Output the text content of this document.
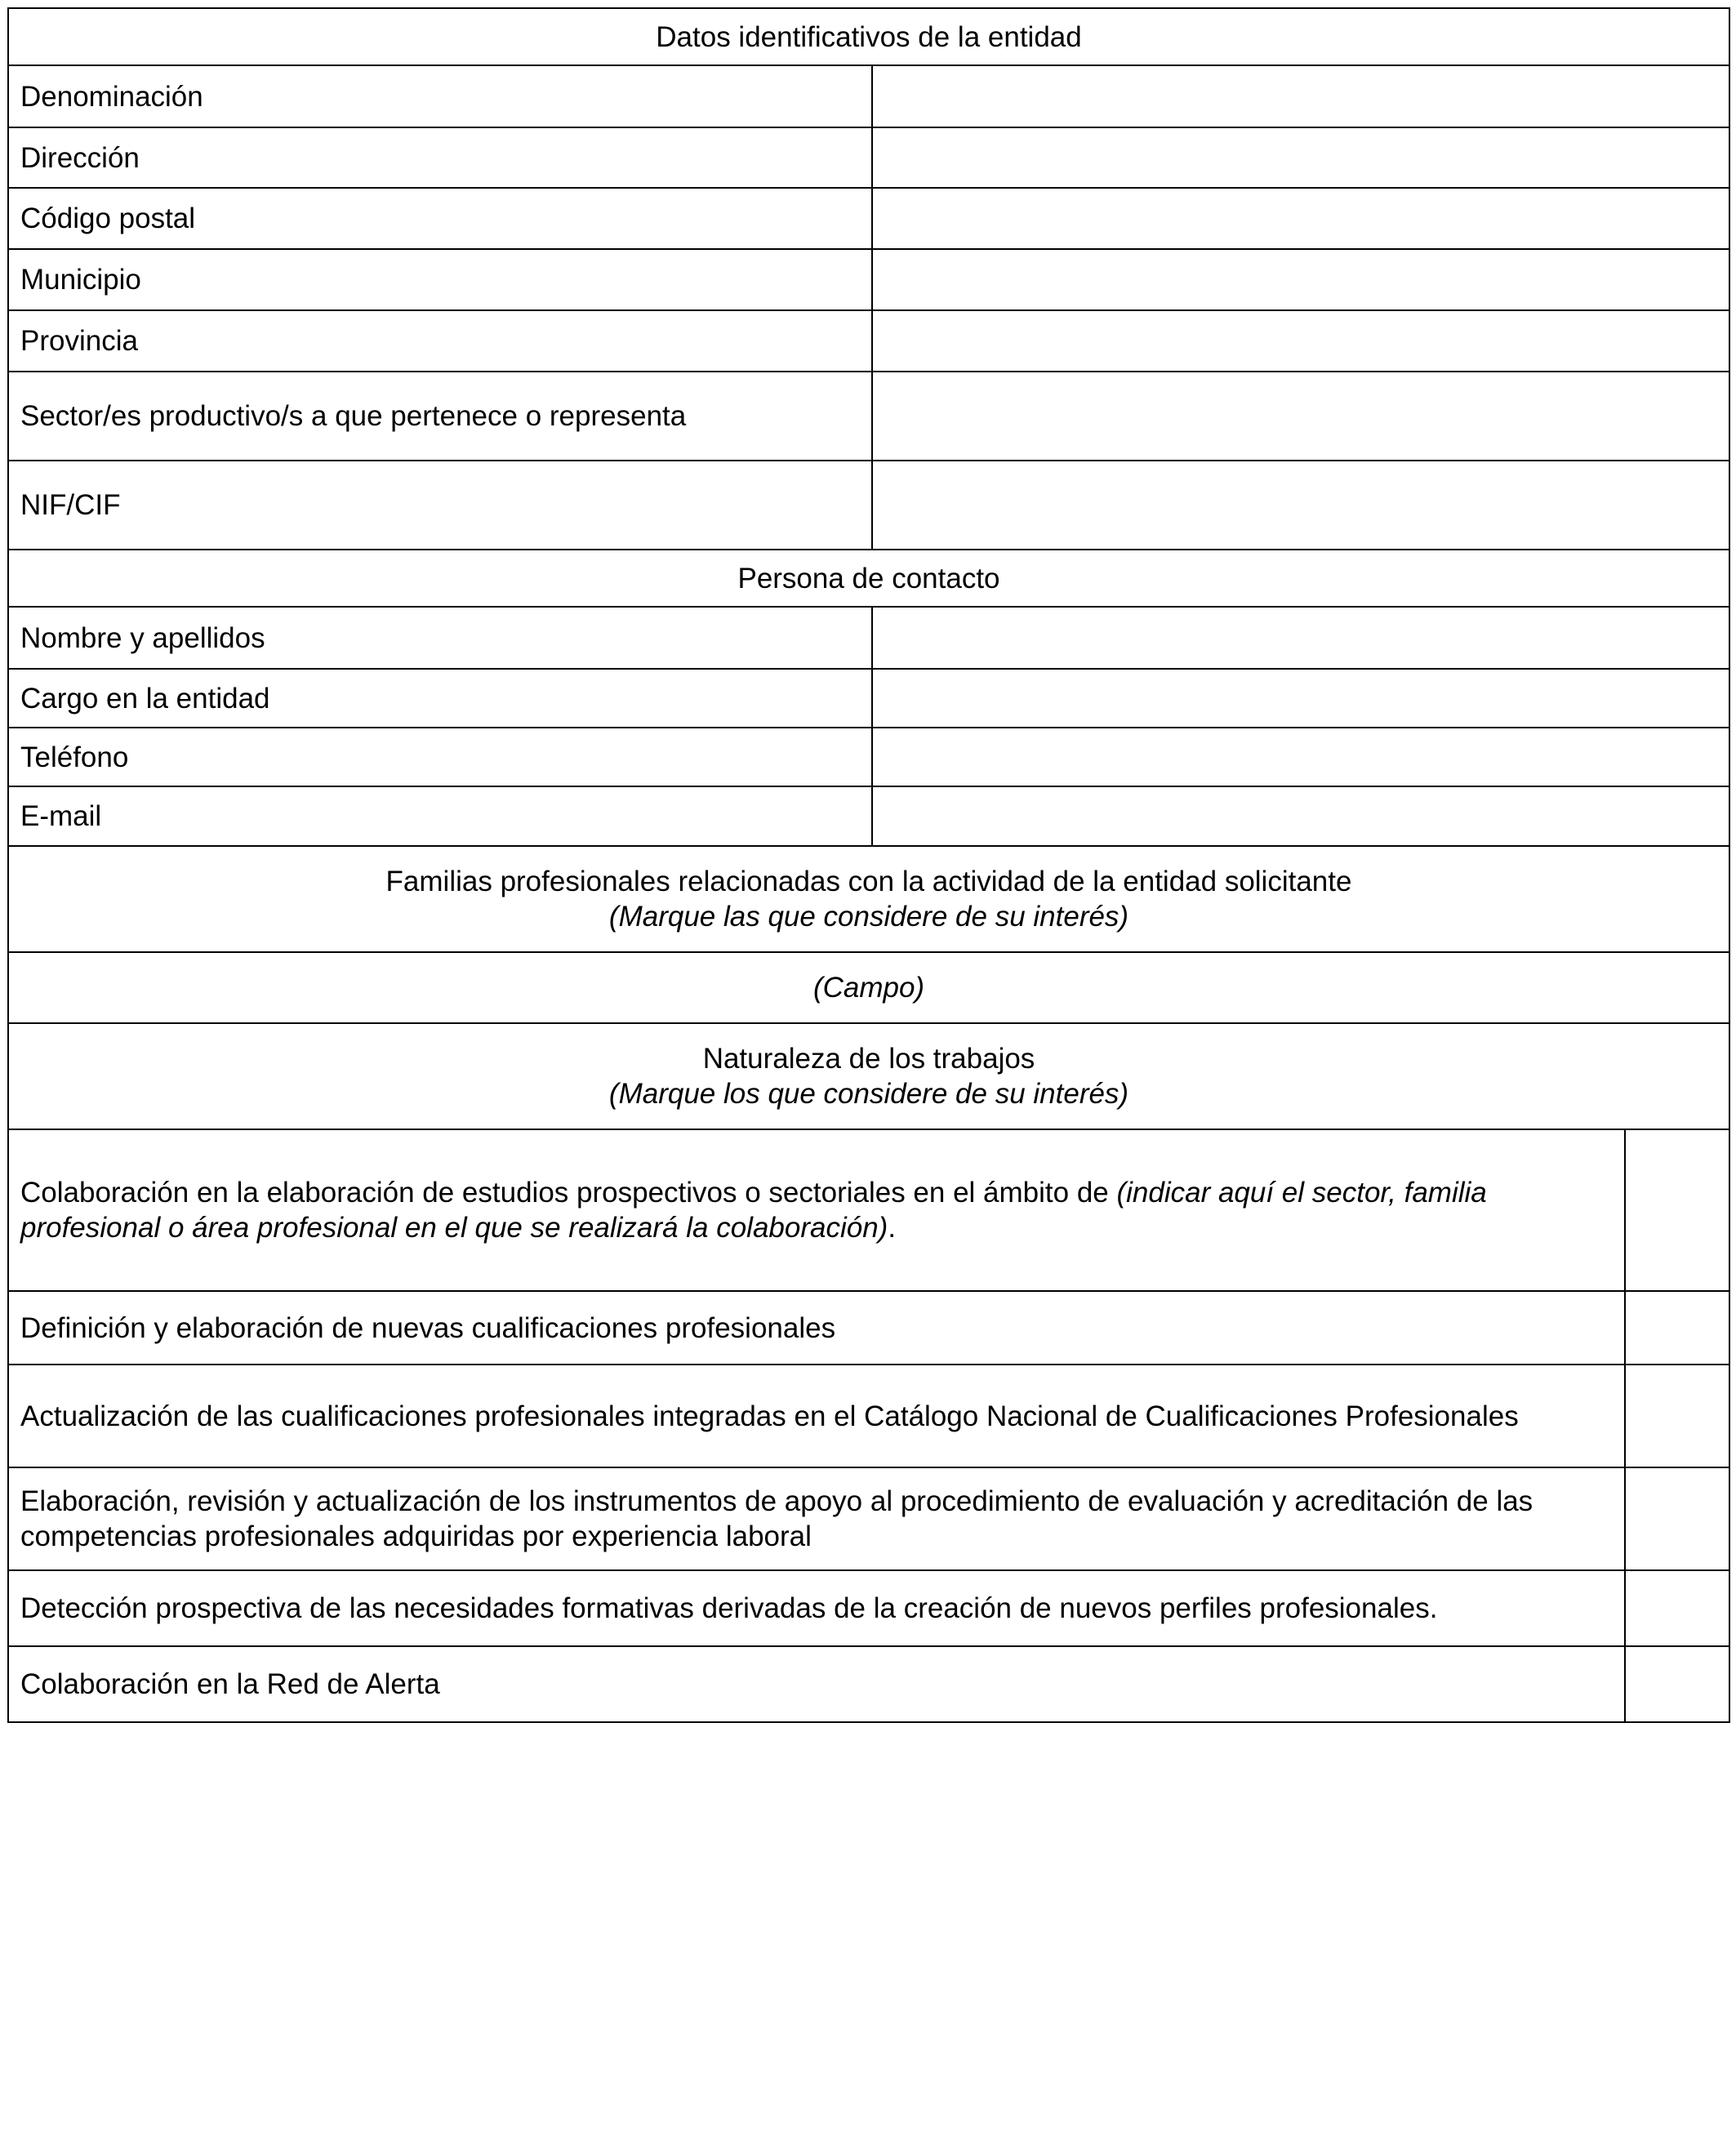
Datos identificativos de la entidad	
Denominación	
Dirección	
Código postal	
Municipio	
Provincia	
Sector/es productivo/s a que pertenece o representa	
NIF/CIF	
Persona de contacto	
Nombre y apellidos	
Cargo en la entidad	
Teléfono	
E-mail	
Familias profesionales relacionadas con la actividad de la entidad solicitante
(Marque las que considere de su interés)	

(Campo)	

Naturaleza de los trabajos
(Marque los que considere de su interés)	

Colaboración en la elaboración de estudios prospectivos o sectoriales en el ámbito de (indicar aquí el sector, familia profesional o área profesional en el que se realizará la colaboración).	
Definición y elaboración de nuevas cualificaciones profesionales	
Actualización de las cualificaciones profesionales integradas en el Catálogo Nacional de Cualificaciones Profesionales	
Elaboración, revisión y actualización de los instrumentos de apoyo al procedimiento de evaluación y acreditación de las competencias profesionales adquiridas por experiencia laboral	
Detección prospectiva de las necesidades formativas derivadas de la creación de nuevos perfiles profesionales.	
Colaboración en la Red de Alerta	
